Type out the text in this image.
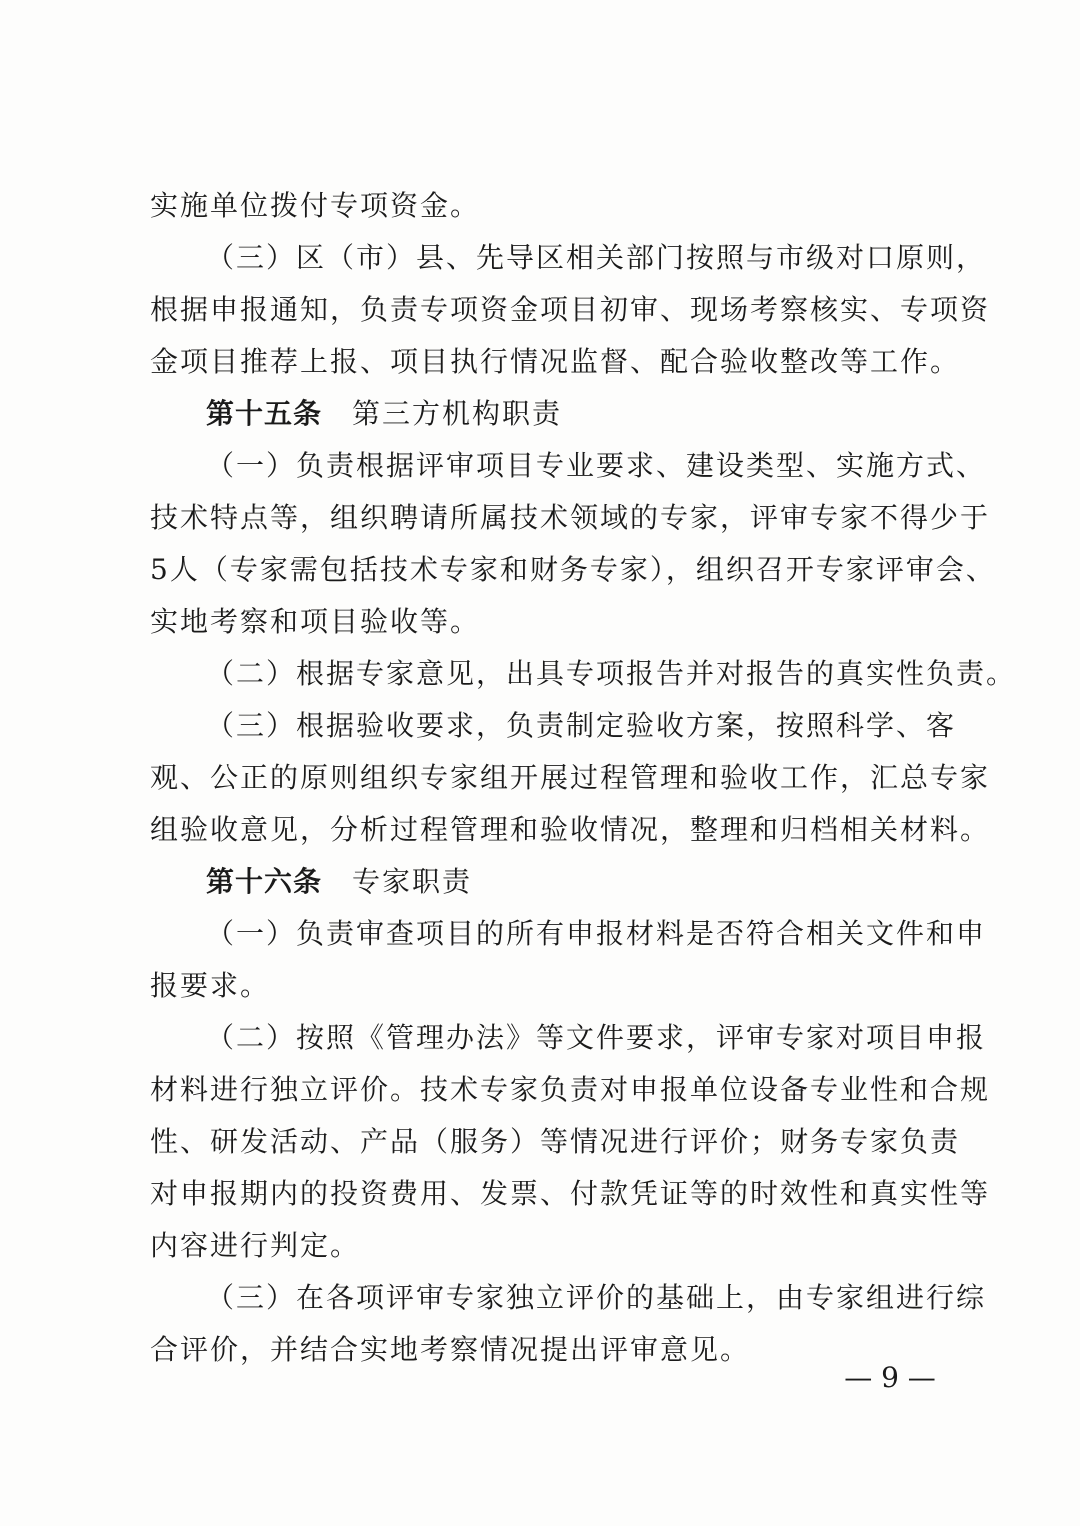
实施单位拨付专项资金。
（三）区（市）县、先导区相关部门按照与市级对口原则，
根据申报通知，负责专项资金项目初审、现场考察核实、专项资
金项目推荐上报、项目执行情况监督、配合验收整改等工作。
第十五条 第三方机构职责
（一）负责根据评审项目专业要求、建设类型、实施方式、
技术特点等，组织聘请所属技术领域的专家，评审专家不得少于
5人（专家需包括技术专家和财务专家），组织召开专家评审会、
实地考察和项目验收等。
（二）根据专家意见，出具专项报告并对报告的真实性负责。
（三）根据验收要求，负责制定验收方案，按照科学、客
观、公正的原则组织专家组开展过程管理和验收工作，汇总专家
组验收意见，分析过程管理和验收情况，整理和归档相关材料。
第十六条 专家职责
（一）负责审查项目的所有申报材料是否符合相关文件和申
报要求。
（二）按照《管理办法》等文件要求，评审专家对项目申报
材料进行独立评价。技术专家负责对申报单位设备专业性和合规
性、研发活动、产品（服务）等情况进行评价；财务专家负责
对申报期内的投资费用、发票、付款凭证等的时效性和真实性等
内容进行判定。
（三）在各项评审专家独立评价的基础上，由专家组进行综
合评价，并结合实地考察情况提出评审意见。
— 9 —
